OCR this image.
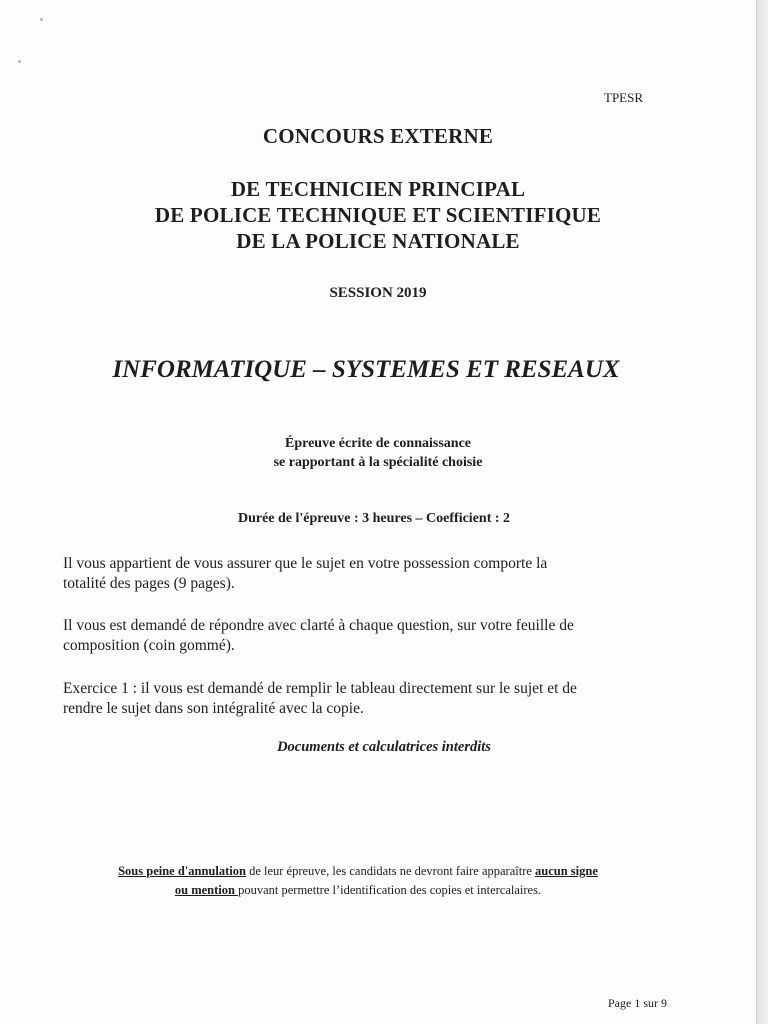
TPESR
CONCOURS EXTERNE
DE TECHNICIEN PRINCIPAL
DE POLICE TECHNIQUE ET SCIENTIFIQUE
DE LA POLICE NATIONALE
SESSION 2019
INFORMATIQUE – SYSTEMES ET RESEAUX
Épreuve écrite de connaissance
se rapportant à la spécialité choisie
Durée de l'épreuve : 3 heures – Coefficient : 2
Il vous appartient de vous assurer que le sujet en votre possession comporte la
totalité des pages (9 pages).
Il vous est demandé de répondre avec clarté à chaque question, sur votre feuille de
composition (coin gommé).
Exercice 1 : il vous est demandé de remplir le tableau directement sur le sujet et de
rendre le sujet dans son intégralité avec la copie.
Documents et calculatrices interdits
Sous peine d'annulation de leur épreuve, les candidats ne devront faire apparaître aucun signe
ou mention pouvant permettre l’identification des copies et intercalaires.
Page 1 sur 9
